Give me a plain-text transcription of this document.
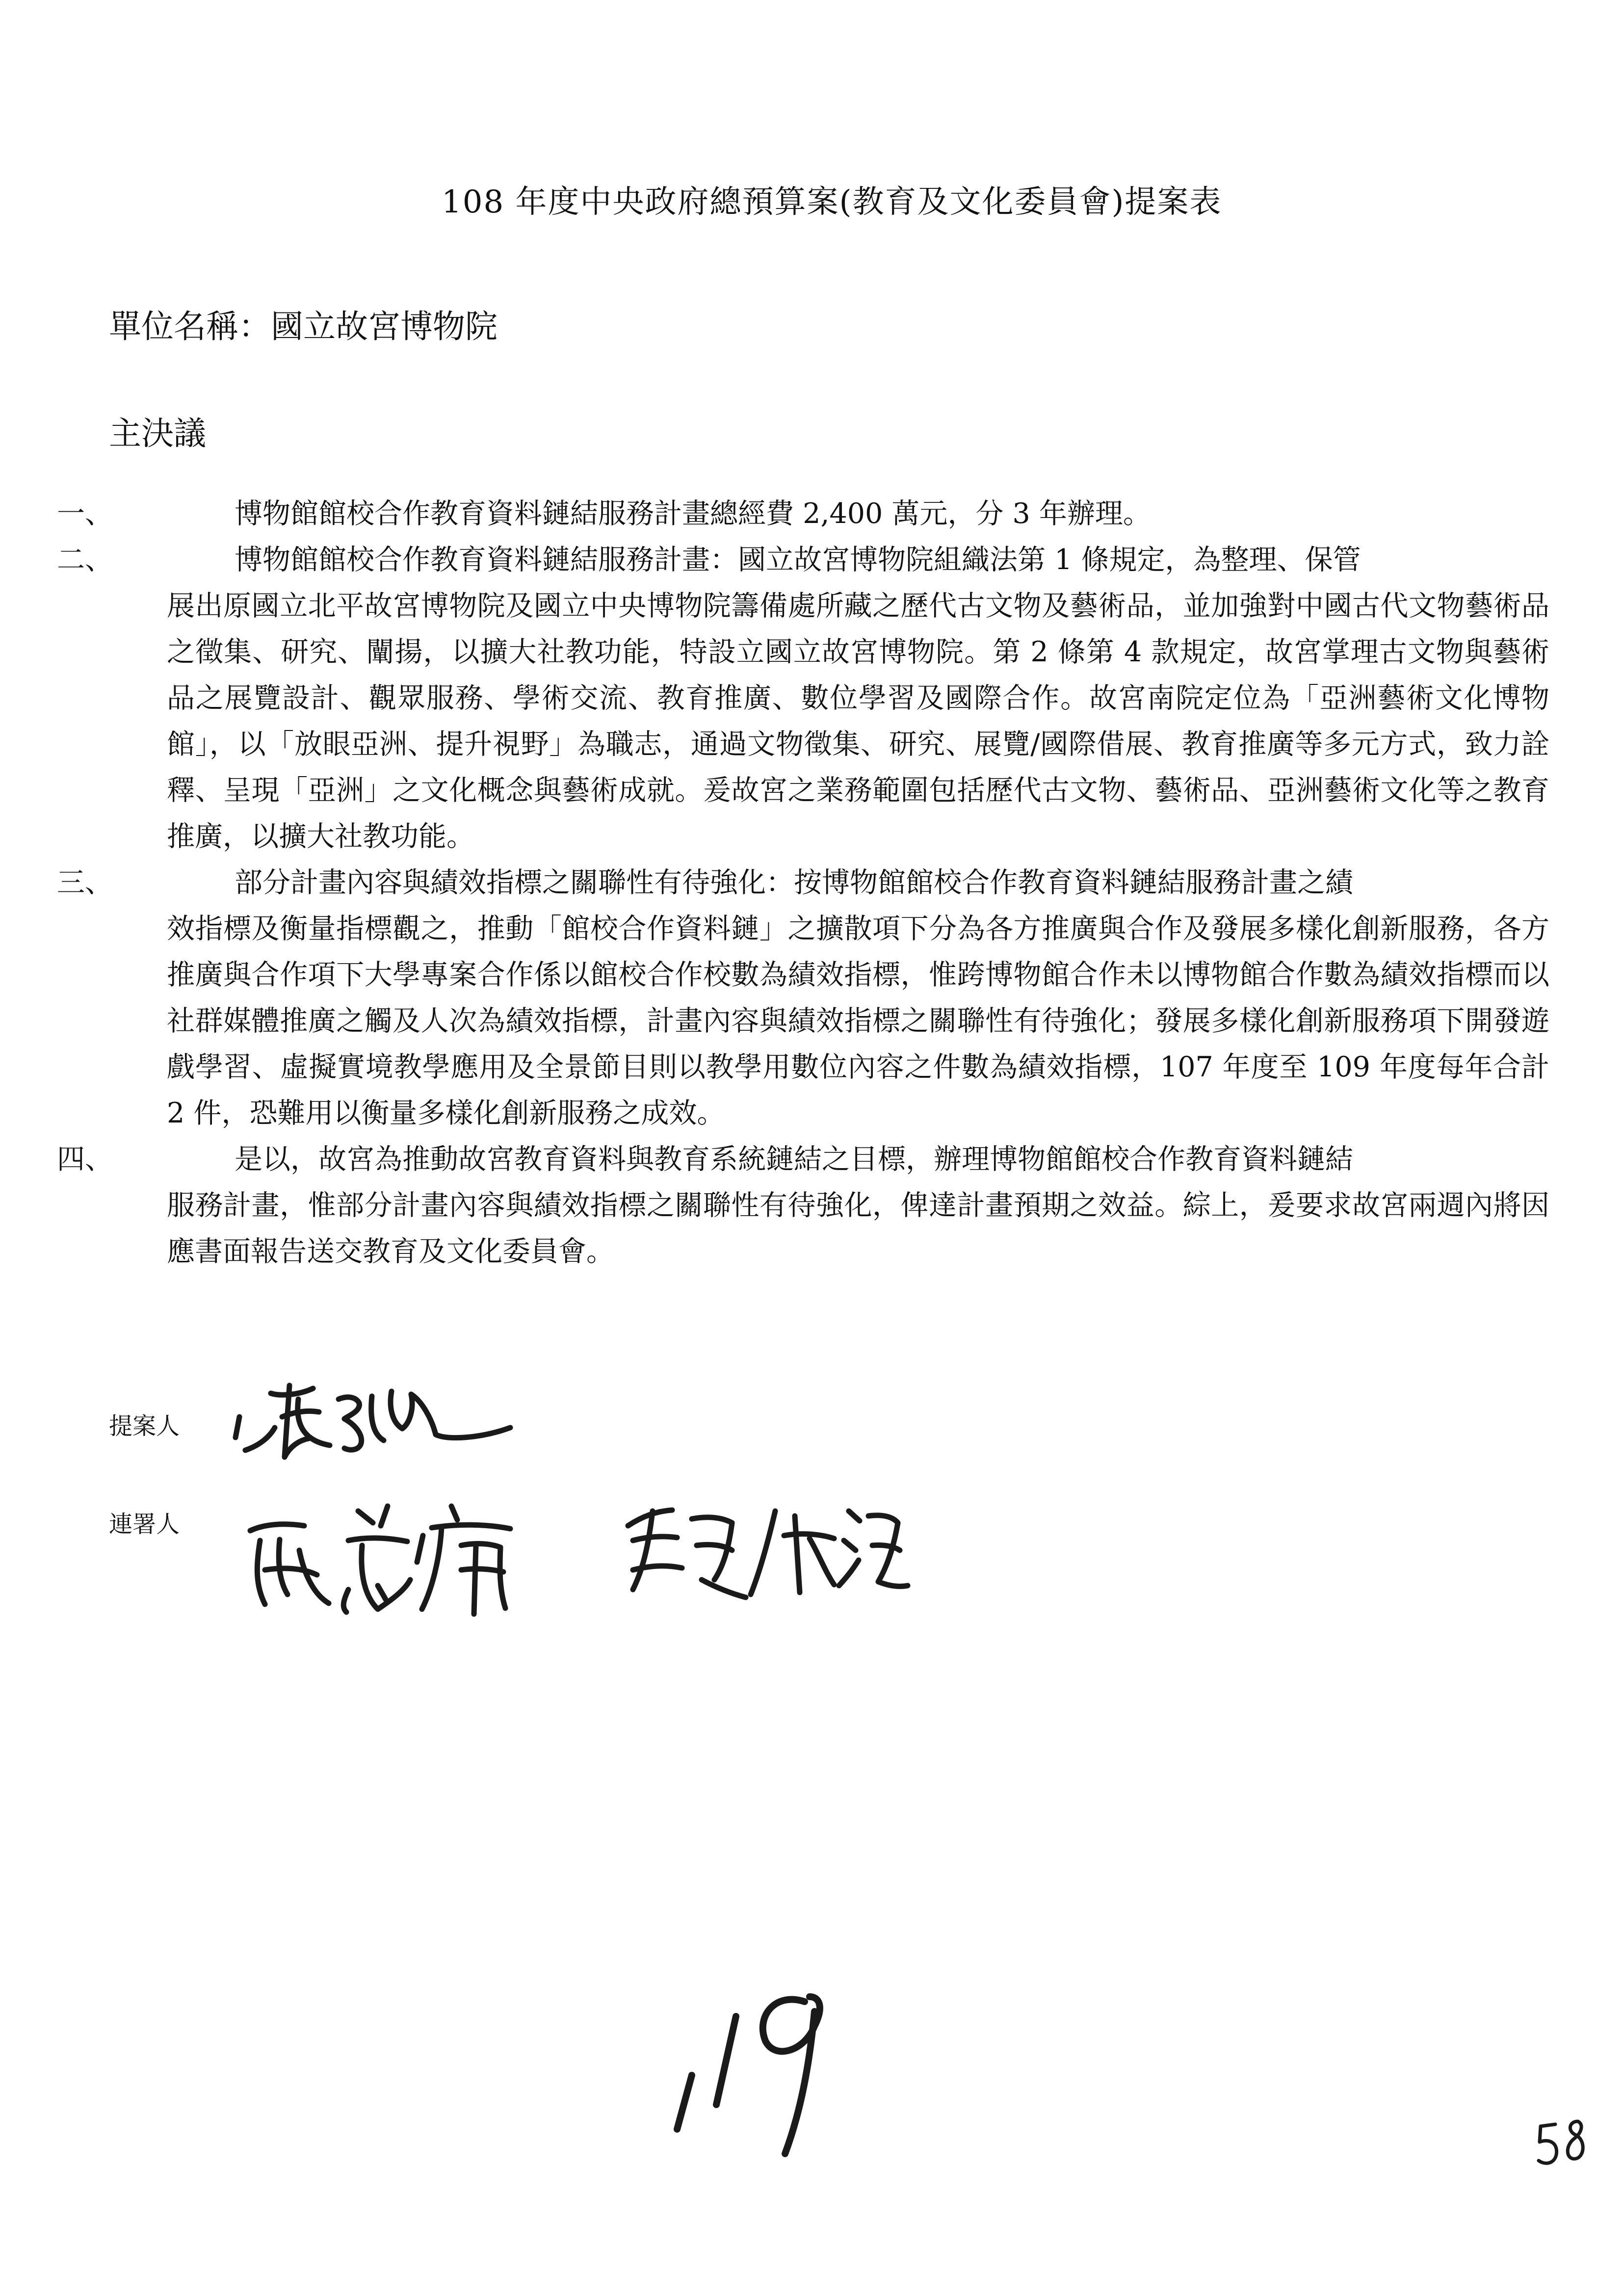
108 年度中央政府總預算案(教育及文化委員會)提案表
單位名稱：國立故宮博物院
主決議
一、	博物館館校合作教育資料鏈結服務計畫總經費 2,400 萬元，分 3 年辦理。
二、	博物館館校合作教育資料鏈結服務計畫：國立故宮博物院組織法第 1 條規定，為整理、保管
展出原國立北平故宮博物院及國立中央博物院籌備處所藏之歷代古文物及藝術品，並加強對中國古代文物藝術品之徵集、研究、闡揚，以擴大社教功能，特設立國立故宮博物院。第 2 條第 4 款規定，故宮掌理古文物與藝術品之展覽設計、觀眾服務、學術交流、教育推廣、數位學習及國際合作。故宮南院定位為「亞洲藝術文化博物館」，以「放眼亞洲、提升視野」為職志，通過文物徵集、研究、展覽/國際借展、教育推廣等多元方式，致力詮釋、呈現「亞洲」之文化概念與藝術成就。爰故宮之業務範圍包括歷代古文物、藝術品、亞洲藝術文化等之教育推廣，以擴大社教功能。
三、	部分計畫內容與績效指標之關聯性有待強化：按博物館館校合作教育資料鏈結服務計畫之績
效指標及衡量指標觀之，推動「館校合作資料鏈」之擴散項下分為各方推廣與合作及發展多樣化創新服務，各方推廣與合作項下大學專案合作係以館校合作校數為績效指標，惟跨博物館合作未以博物館合作數為績效指標而以社群媒體推廣之觸及人次為績效指標，計畫內容與績效指標之關聯性有待強化；發展多樣化創新服務項下開發遊戲學習、虛擬實境教學應用及全景節目則以教學用數位內容之件數為績效指標，107 年度至 109 年度每年合計 2 件，恐難用以衡量多樣化創新服務之成效。
四、	是以，故宮為推動故宮教育資料與教育系統鏈結之目標，辦理博物館館校合作教育資料鏈結
服務計畫，惟部分計畫內容與績效指標之關聯性有待強化，俾達計畫預期之效益。綜上，爰要求故宮兩週內將因應書面報告送交教育及文化委員會。
提案人
連署人
